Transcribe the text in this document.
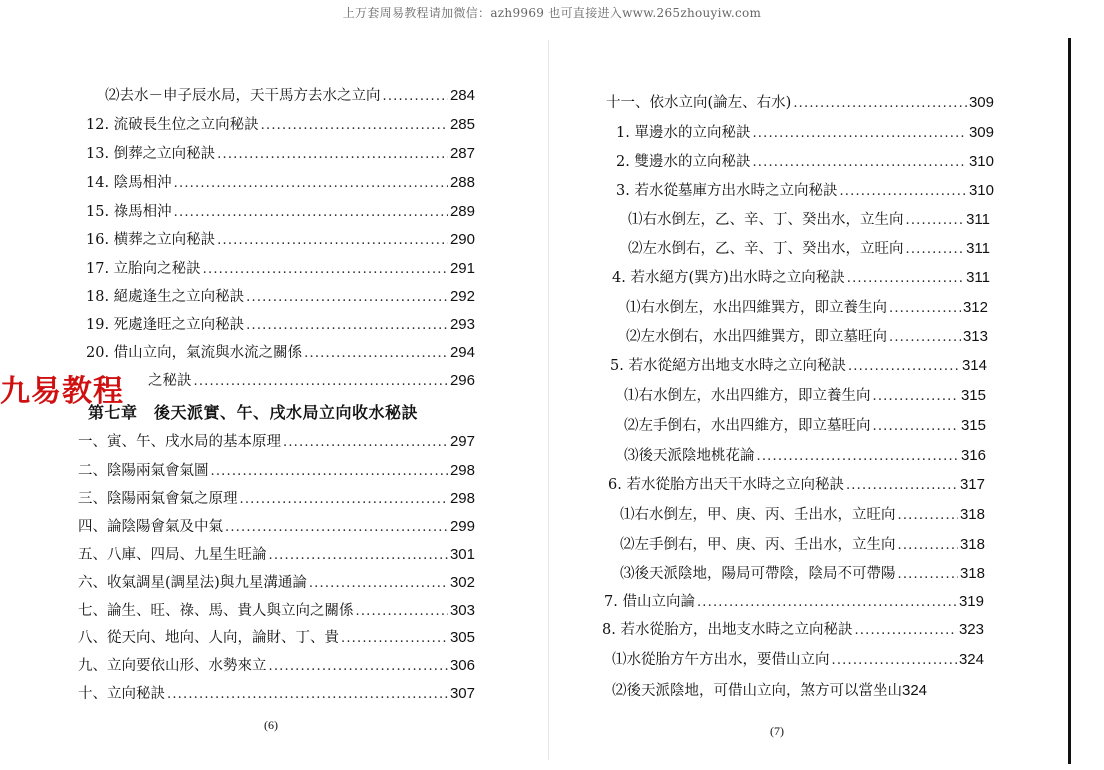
上万套周易教程请加微信：azh9969 也可直接进入www.265zhouyiw.com
⑵去水－申子辰水局，天干馬方去水之立向 .....	284
12. 流破長生位之立向秘訣 .....	285
13. 倒葬之立向秘訣 .....	287
14. 陰馬相沖 .....	288
15. 祿馬相沖 .....	289
16. 横葬之立向秘訣 .....	290
17. 立胎向之秘訣 .....	291
18. 絕處逢生之立向秘訣 .....	292
19. 死處逢旺之立向秘訣 .....	293
20. 借山立向，氣流與水流之關係 .....	294
之秘訣 .....	296
第七章　後天派實、午、戌水局立向收水秘訣
一、寅、午、戌水局的基本原理 .....	297
二、陰陽兩氣會氣圖 .....	298
三、陰陽兩氣會氣之原理 .....	298
四、論陰陽會氣及中氣 .....	299
五、八庫、四局、九星生旺論 .....	301
六、收氣調星(調星法)與九星溝通論 .....	302
七、論生、旺、祿、馬、貴人與立向之關係 .....	303
八、從天向、地向、人向，論財、丁、貴 .....	305
九、立向要依山形、水勢來立 .....	306
十、立向秘訣 .....	307
(6)
九易教程
十一、依水立向(論左、右水) .....	309
1. 單邊水的立向秘訣 .....	309
2. 雙邊水的立向秘訣 .....	310
3. 若水從墓庫方出水時之立向秘訣 .....	310
⑴右水倒左，乙、辛、丁、癸出水，立生向 .....	311
⑵左水倒右，乙、辛、丁、癸出水，立旺向 .....	311
4. 若水絕方(巽方)出水時之立向秘訣 .....	311
⑴右水倒左，水出四維巽方，即立養生向 .....	312
⑵左水倒右，水出四維巽方，即立墓旺向 .....	313
5. 若水從絕方出地支水時之立向秘訣 .....	314
⑴右水倒左，水出四維方，即立養生向 .....	315
⑵左手倒右，水出四維方，即立墓旺向 .....	315
⑶後天派陰地桃花論 .....	316
6. 若水從胎方出天干水時之立向秘訣 .....	317
⑴右水倒左，甲、庚、丙、壬出水，立旺向 .....	318
⑵左手倒右，甲、庚、丙、壬出水，立生向 .....	318
⑶後天派陰地，陽局可帶陰，陰局不可帶陽 .....	318
7. 借山立向論 .....	319
8. 若水從胎方，出地支水時之立向秘訣 .....	323
⑴水從胎方午方出水，要借山立向 .....	324
⑵後天派陰地，可借山立向，煞方可以當坐山 324
(7)
